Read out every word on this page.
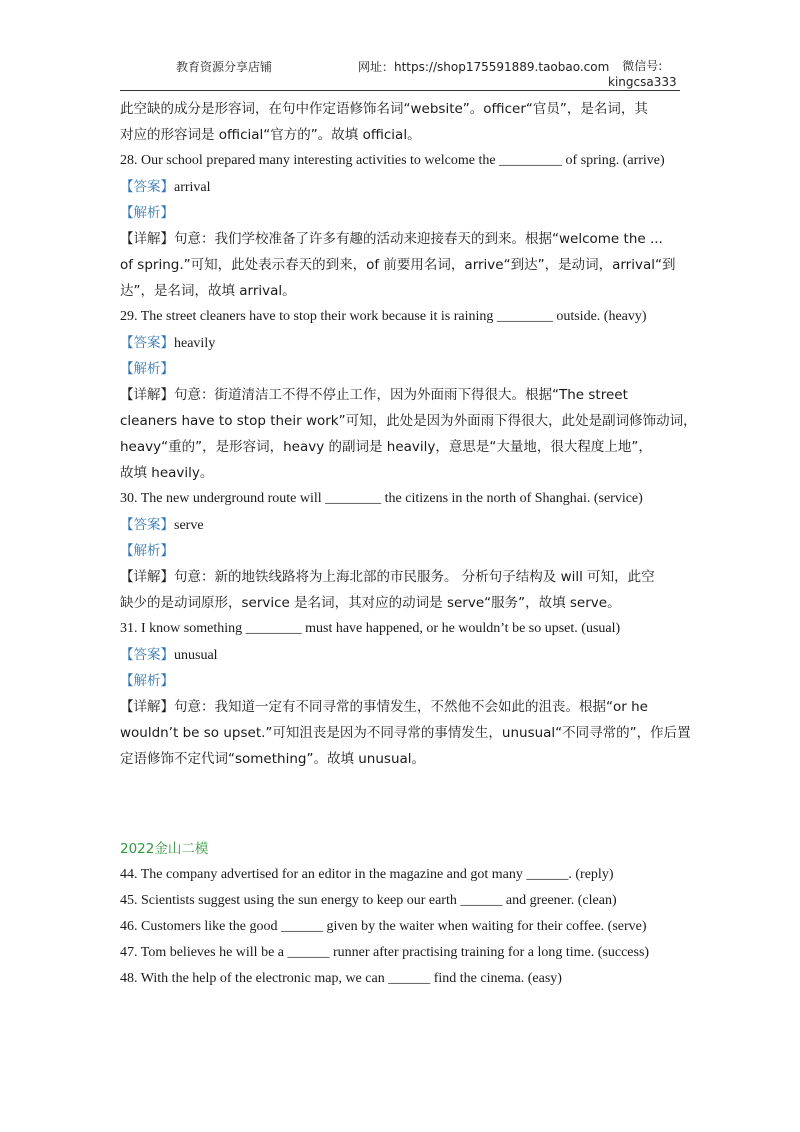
教育资源分享店铺	网址：https://shop175591889.taobao.com	微信号:
kingcsa333
此空缺的成分是形容词，在句中作定语修饰名词“website”。officer“官员”，是名词，其
对应的形容词是 official“官方的”。故填 official。
28. Our school prepared many interesting activities to welcome the _________ of spring. (arrive)
【答案】arrival
【解析】
【详解】句意：我们学校准备了许多有趣的活动来迎接春天的到来。根据“welcome the ...
of spring.”可知，此处表示春天的到来，of 前要用名词，arrive“到达”，是动词，arrival“到
达”，是名词，故填 arrival。
29. The street cleaners have to stop their work because it is raining ________ outside. (heavy)
【答案】heavily
【解析】
【详解】句意：街道清洁工不得不停止工作，因为外面雨下得很大。根据“The street
cleaners have to stop their work”可知，此处是因为外面雨下得很大，此处是副词修饰动词，
heavy“重的”，是形容词，heavy 的副词是 heavily，意思是“大量地，很大程度上地”，
故填 heavily。
30. The new underground route will ________ the citizens in the north of Shanghai. (service)
【答案】serve
【解析】
【详解】句意：新的地铁线路将为上海北部的市民服务。 分析句子结构及 will 可知，此空
缺少的是动词原形，service 是名词，其对应的动词是 serve“服务”，故填 serve。
31. I know something ________ must have happened, or he wouldn’t be so upset. (usual)
【答案】unusual
【解析】
【详解】句意：我知道一定有不同寻常的事情发生，不然他不会如此的沮丧。根据“or he
wouldn’t be so upset.”可知沮丧是因为不同寻常的事情发生，unusual“不同寻常的”，作后置
定语修饰不定代词“something”。故填 unusual。
2022金山二模
44. The company advertised for an editor in the magazine and got many ______. (reply)
45. Scientists suggest using the sun energy to keep our earth ______ and greener. (clean)
46. Customers like the good ______ given by the waiter when waiting for their coffee. (serve)
47. Tom believes he will be a ______ runner after practising training for a long time. (success)
48. With the help of the electronic map, we can ______ find the cinema. (easy)
